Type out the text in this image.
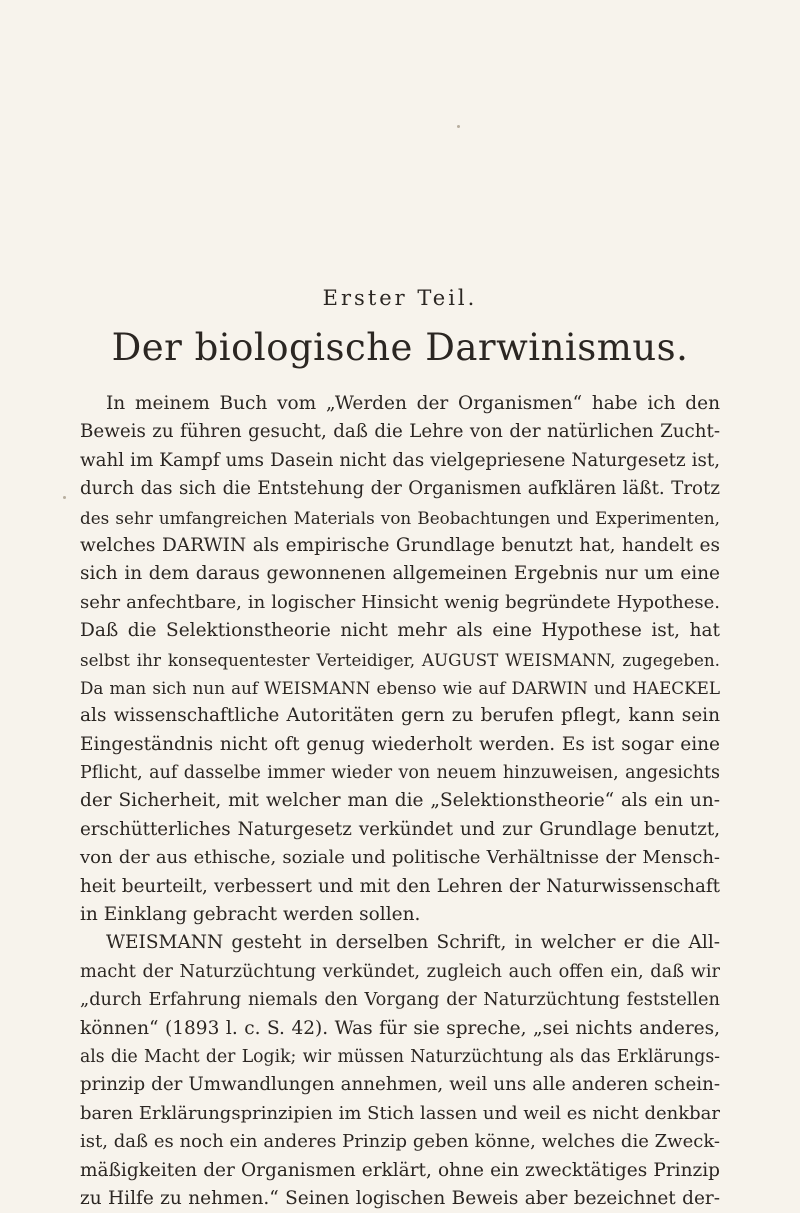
Erster Teil.
Der biologische Darwinismus.
In meinem Buch vom „Werden der Organismen“ habe ich den
Beweis zu führen gesucht, daß die Lehre von der natürlichen Zucht-
wahl im Kampf ums Dasein nicht das vielgepriesene Naturgesetz ist,
durch das sich die Entstehung der Organismen aufklären läßt. Trotz
des sehr umfangreichen Materials von Beobachtungen und Experimenten,
welches DARWIN als empirische Grundlage benutzt hat, handelt es
sich in dem daraus gewonnenen allgemeinen Ergebnis nur um eine
sehr anfechtbare, in logischer Hinsicht wenig begründete Hypothese.
Daß die Selektionstheorie nicht mehr als eine Hypothese ist, hat
selbst ihr konsequentester Verteidiger, AUGUST WEISMANN, zugegeben.
Da man sich nun auf WEISMANN ebenso wie auf DARWIN und HAECKEL
als wissenschaftliche Autoritäten gern zu berufen pflegt, kann sein
Eingeständnis nicht oft genug wiederholt werden. Es ist sogar eine
Pflicht, auf dasselbe immer wieder von neuem hinzuweisen, angesichts
der Sicherheit, mit welcher man die „Selektionstheorie“ als ein un-
erschütterliches Naturgesetz verkündet und zur Grundlage benutzt,
von der aus ethische, soziale und politische Verhältnisse der Mensch-
heit beurteilt, verbessert und mit den Lehren der Naturwissenschaft
in Einklang gebracht werden sollen.
WEISMANN gesteht in derselben Schrift, in welcher er die All-
macht der Naturzüchtung verkündet, zugleich auch offen ein, daß wir
„durch Erfahrung niemals den Vorgang der Naturzüchtung feststellen
können“ (1893 l. c. S. 42). Was für sie spreche, „sei nichts anderes,
als die Macht der Logik; wir müssen Naturzüchtung als das Erklärungs-
prinzip der Umwandlungen annehmen, weil uns alle anderen schein-
baren Erklärungsprinzipien im Stich lassen und weil es nicht denkbar
ist, daß es noch ein anderes Prinzip geben könne, welches die Zweck-
mäßigkeiten der Organismen erklärt, ohne ein zwecktätiges Prinzip
zu Hilfe zu nehmen.“ Seinen logischen Beweis aber bezeichnet der-
